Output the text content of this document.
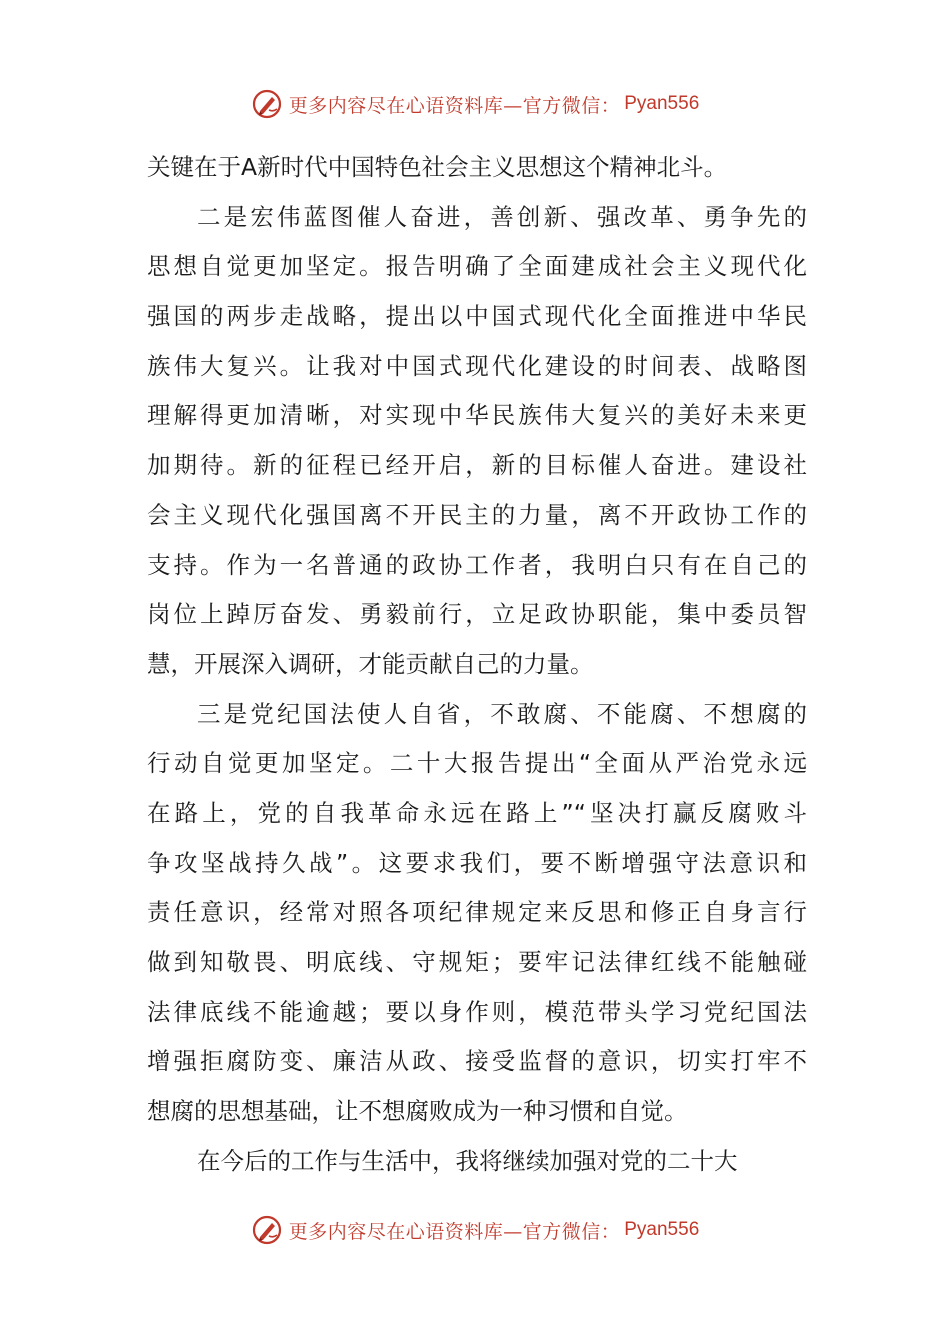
更多内容尽在心语资料库—官方微信： Pyan556
关键在于A新时代中国特色社会主义思想这个精神北斗。
二是宏伟蓝图催人奋进，善创新、强改革、勇争先的
思想自觉更加坚定。报告明确了全面建成社会主义现代化
强国的两步走战略，提出以中国式现代化全面推进中华民
族伟大复兴。让我对中国式现代化建设的时间表、战略图
理解得更加清晰，对实现中华民族伟大复兴的美好未来更
加期待。新的征程已经开启，新的目标催人奋进。建设社
会主义现代化强国离不开民主的力量，离不开政协工作的
支持。作为一名普通的政协工作者，我明白只有在自己的
岗位上踔厉奋发、勇毅前行，立足政协职能，集中委员智
慧，开展深入调研，才能贡献自己的力量。
三是党纪国法使人自省，不敢腐、不能腐、不想腐的
行动自觉更加坚定。二十大报告提出“全面从严治党永远
在路上，党的自我革命永远在路上”“坚决打赢反腐败斗
争攻坚战持久战”。这要求我们，要不断增强守法意识和
责任意识，经常对照各项纪律规定来反思和修正自身言行
做到知敬畏、明底线、守规矩；要牢记法律红线不能触碰
法律底线不能逾越；要以身作则，模范带头学习党纪国法
增强拒腐防变、廉洁从政、接受监督的意识，切实打牢不
想腐的思想基础，让不想腐败成为一种习惯和自觉。
在今后的工作与生活中，我将继续加强对党的二十大
更多内容尽在心语资料库—官方微信： Pyan556
